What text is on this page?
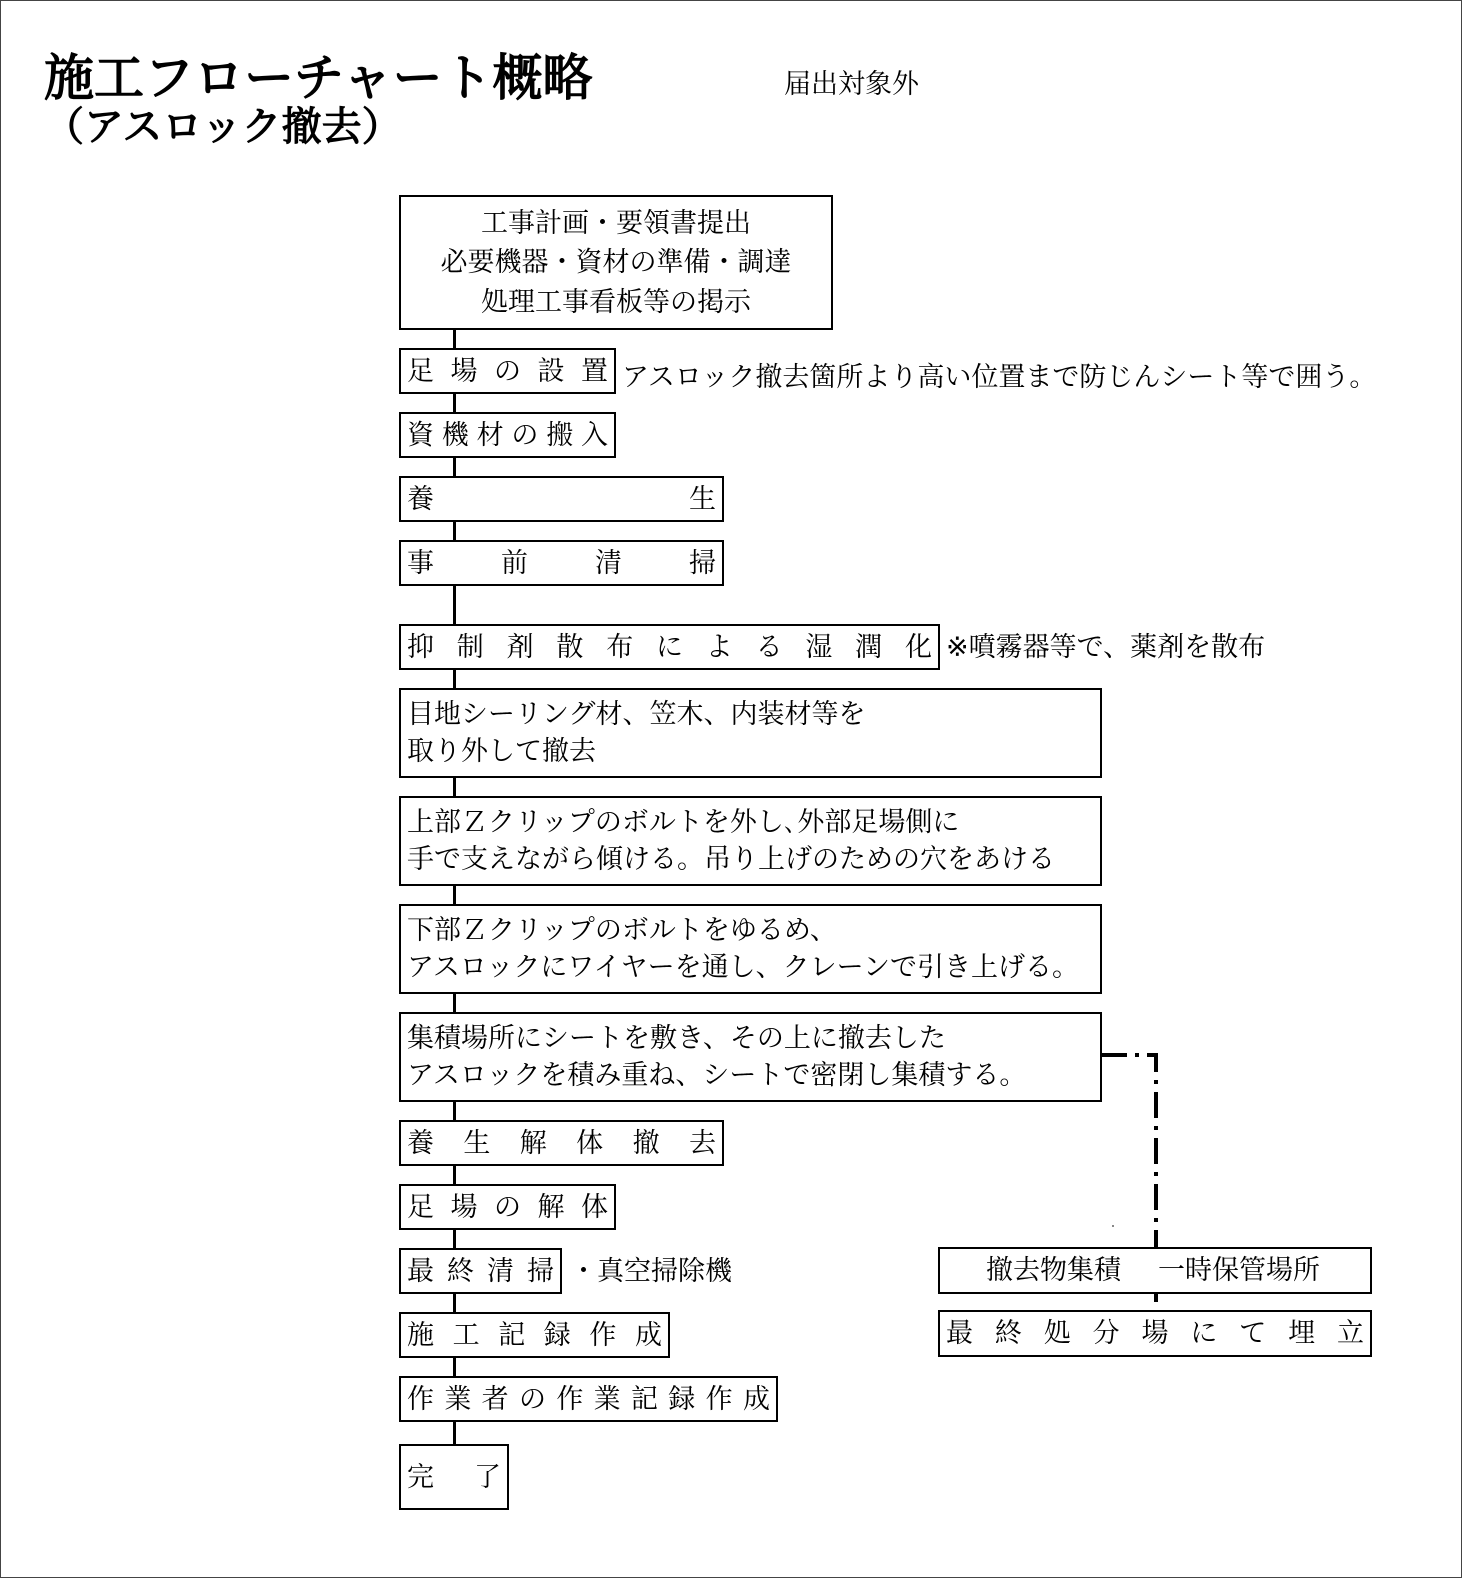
施工フローチャート概略
（アスロック撤去）
届出対象外
工事計画・要領書提出
必要機器・資材の準備・調達
処理工事看板等の掲示
足 場 の 設 置
資 機 材 の 搬 入
養	生
事 前 清 掃
抑 制 剤 散 布 に よ る 湿 潤 化
目地シーリング材、笠木、内装材等を
取り外して撤去
上部Ｚクリップのボルトを外し､外部足場側に
手で支えながら傾ける。吊り上げのための穴をあける
下部Ｚクリップのボルトをゆるめ、
アスロックにワイヤーを通し、クレーンで引き上げる。
集積場所にシートを敷き、その上に撤去した
アスロックを積み重ね、シートで密閉し集積する。
養 生 解 体 撤 去
足 場 の 解 体
最 終 清 掃
施 工 記 録 作 成
作 業 者 の 作 業 記 録 作 成
完 了
アスロック撤去箇所より高い位置まで防じんシート等で囲う。
※噴霧器等で、薬剤を散布
・真空掃除機	撤去物集積 一時保管場所
最 終 処 分 場 に て 埋 立
